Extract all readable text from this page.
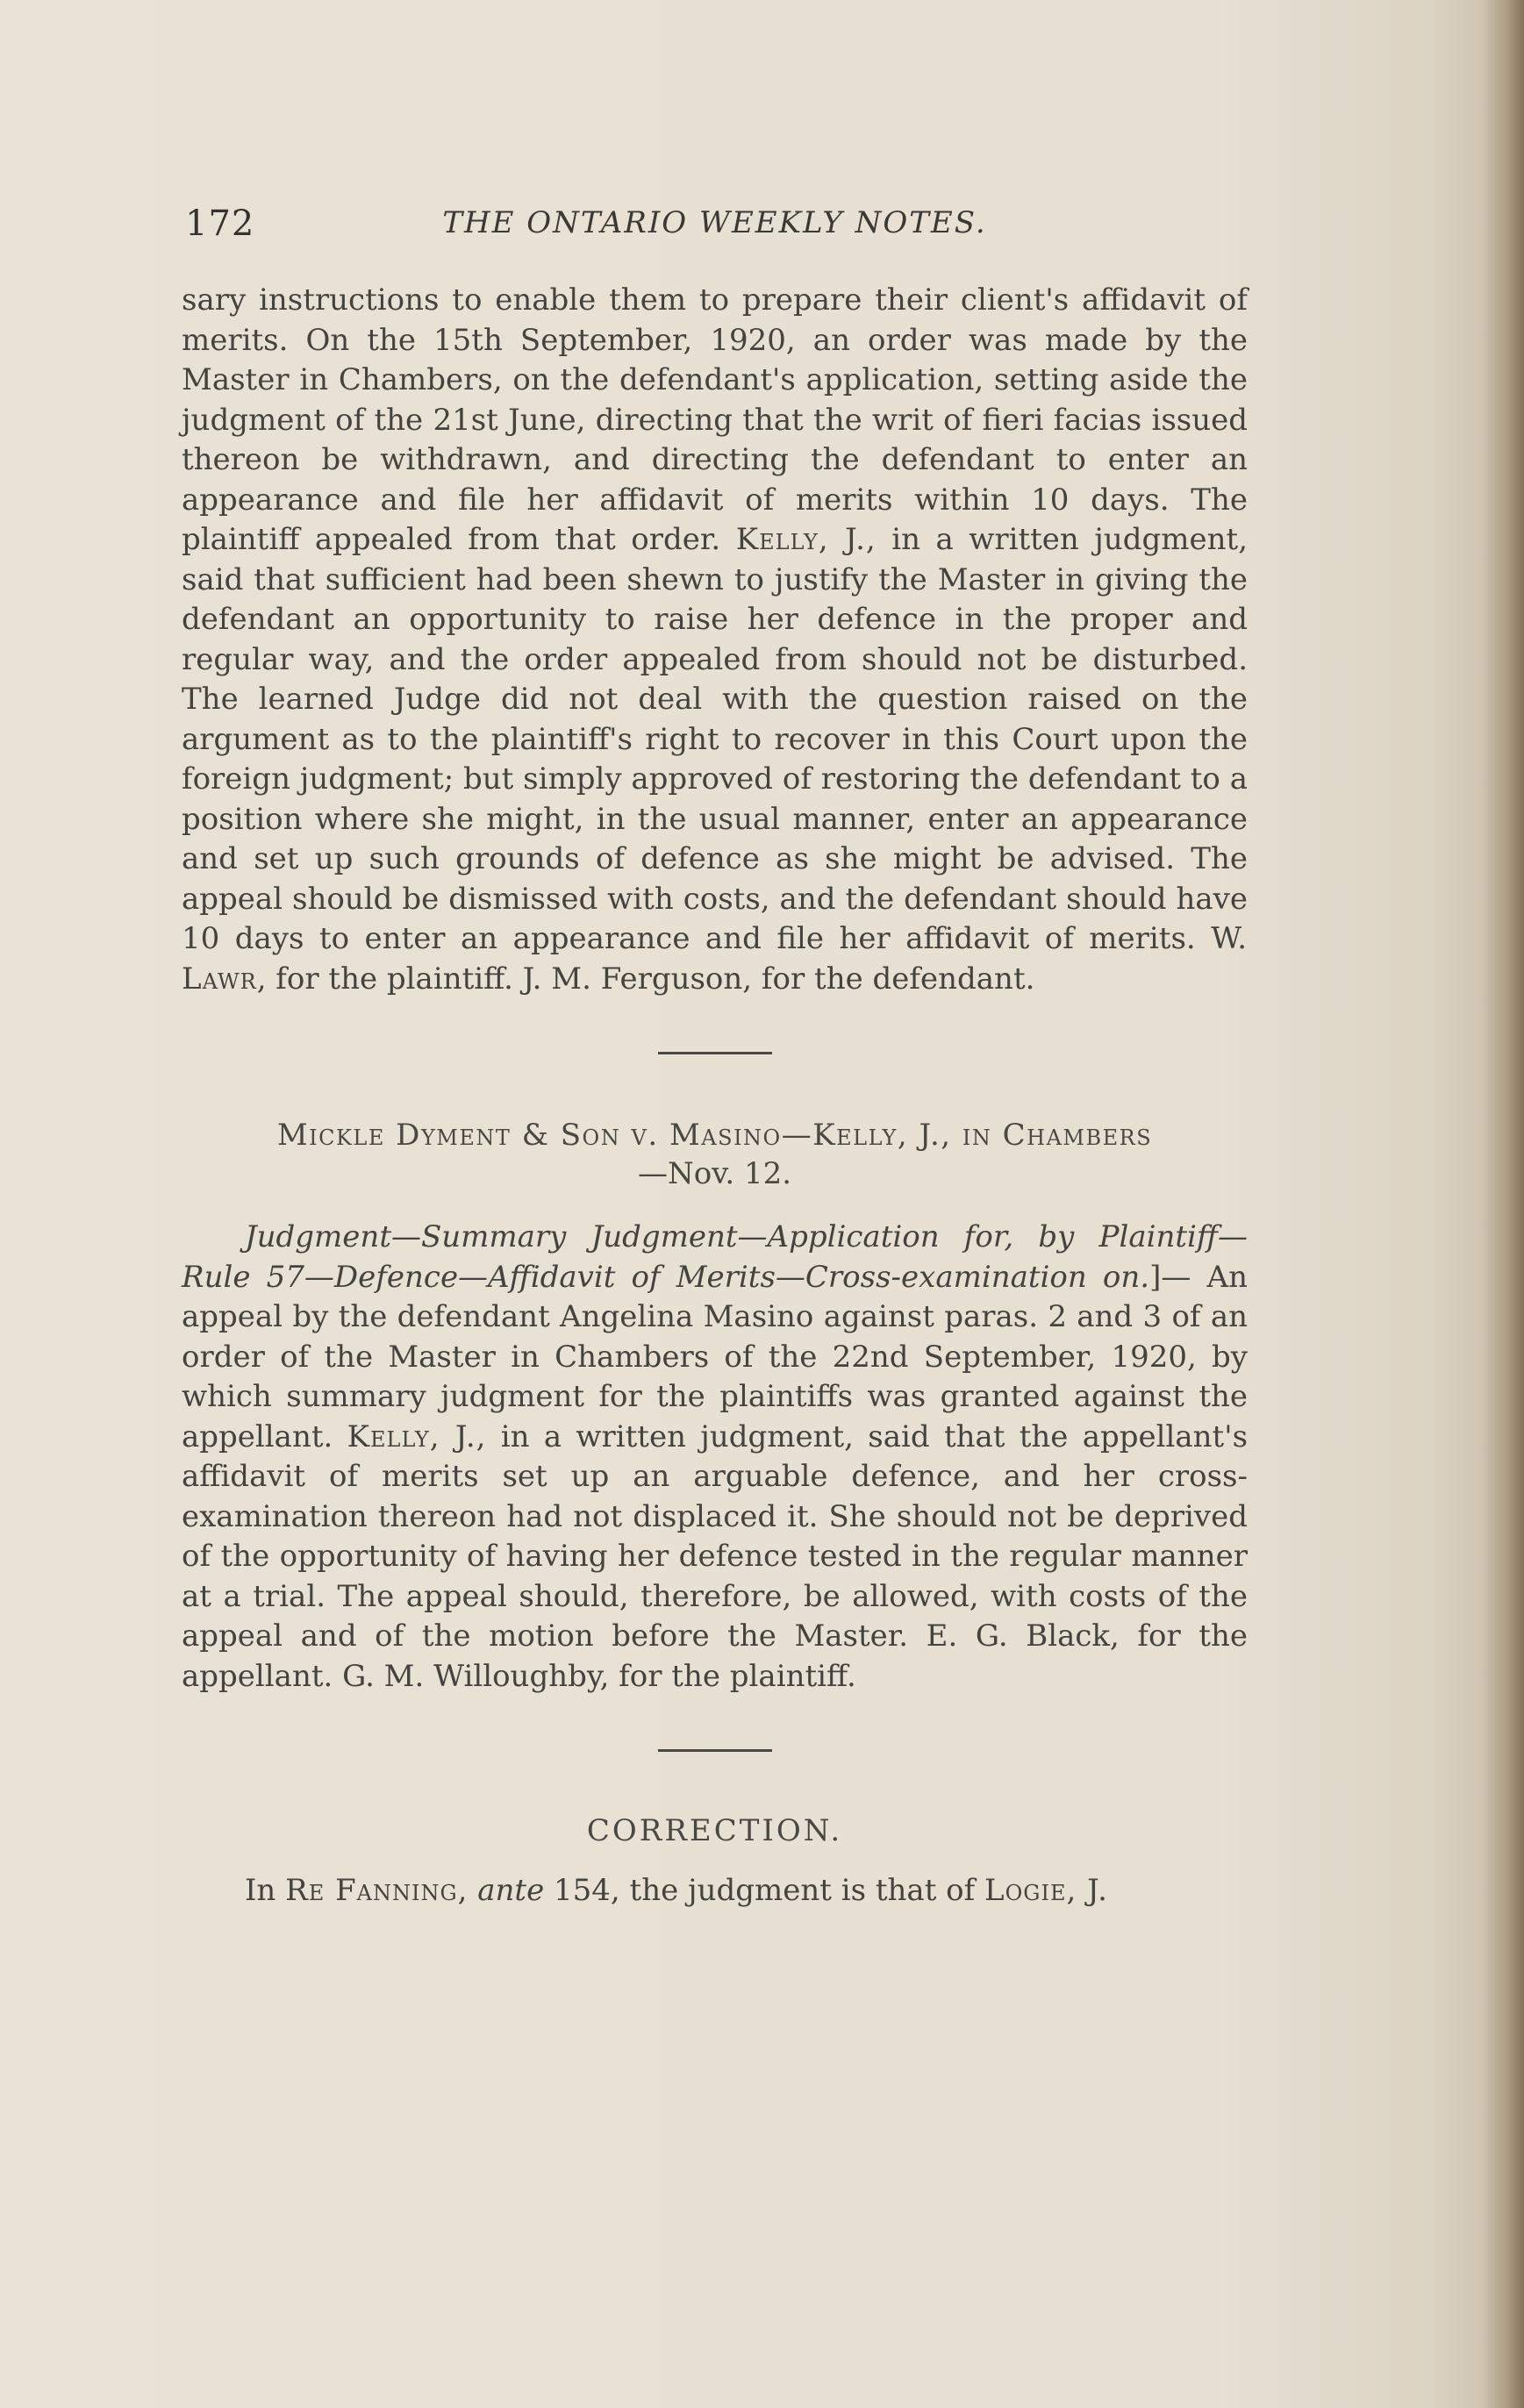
172	THE ONTARIO WEEKLY NOTES.

sary instructions to enable them to prepare their client's affidavit of merits. On the 15th September, 1920, an order was made by the Master in Chambers, on the defendant's application, setting aside the judgment of the 21st June, directing that the writ of fieri facias issued thereon be withdrawn, and directing the defendant to enter an appearance and file her affidavit of merits within 10 days. The plaintiff appealed from that order. Kelly, J., in a written judgment, said that sufficient had been shewn to justify the Master in giving the defendant an opportunity to raise her defence in the proper and regular way, and the order appealed from should not be disturbed. The learned Judge did not deal with the question raised on the argument as to the plaintiff's right to recover in this Court upon the foreign judgment; but simply approved of restoring the defendant to a position where she might, in the usual manner, enter an appearance and set up such grounds of defence as she might be advised. The appeal should be dismissed with costs, and the defendant should have 10 days to enter an appearance and file her affidavit of merits. W. Lawr, for the plaintiff. J. M. Ferguson, for the defendant.

Mickle Dyment & Son v. Masino—Kelly, J., in Chambers
—Nov. 12.

Judgment—Summary Judgment—Application for, by Plaintiff—Rule 57—Defence—Affidavit of Merits—Cross-examination on.]— An appeal by the defendant Angelina Masino against paras. 2 and 3 of an order of the Master in Chambers of the 22nd September, 1920, by which summary judgment for the plaintiffs was granted against the appellant. Kelly, J., in a written judgment, said that the appellant's affidavit of merits set up an arguable defence, and her cross-examination thereon had not displaced it. She should not be deprived of the opportunity of having her defence tested in the regular manner at a trial. The appeal should, therefore, be allowed, with costs of the appeal and of the motion before the Master. E. G. Black, for the appellant. G. M. Willoughby, for the plaintiff.

CORRECTION.

In Re Fanning, ante 154, the judgment is that of Logie, J.
